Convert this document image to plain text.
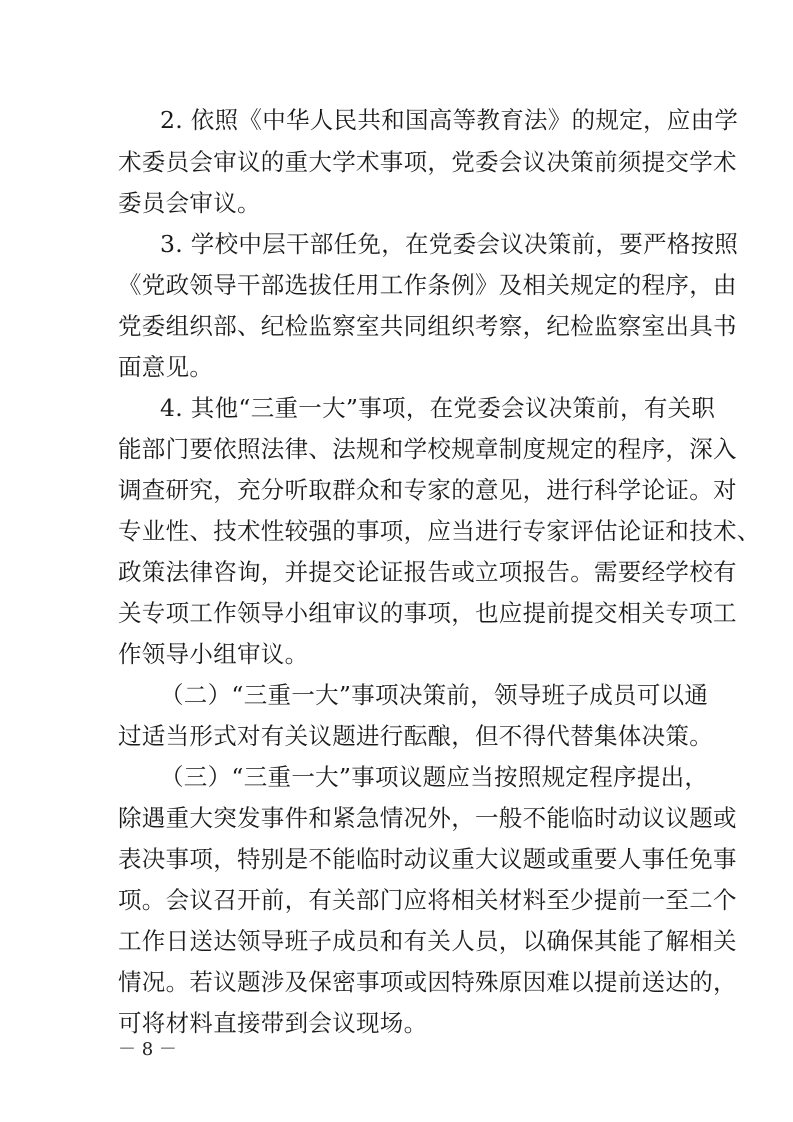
2. 依照《中华人民共和国高等教育法》的规定，应由学
术委员会审议的重大学术事项，党委会议决策前须提交学术
委员会审议。
3. 学校中层干部任免，在党委会议决策前，要严格按照
《党政领导干部选拔任用工作条例》及相关规定的程序，由
党委组织部、纪检监察室共同组织考察，纪检监察室出具书
面意见。
4. 其他“三重一大”事项，在党委会议决策前，有关职
能部门要依照法律、法规和学校规章制度规定的程序，深入
调查研究，充分听取群众和专家的意见，进行科学论证。对
专业性、技术性较强的事项，应当进行专家评估论证和技术、
政策法律咨询，并提交论证报告或立项报告。需要经学校有
关专项工作领导小组审议的事项，也应提前提交相关专项工
作领导小组审议。
（二）“三重一大”事项决策前，领导班子成员可以通
过适当形式对有关议题进行酝酿，但不得代替集体决策。
（三）“三重一大”事项议题应当按照规定程序提出，
除遇重大突发事件和紧急情况外，一般不能临时动议议题或
表决事项，特别是不能临时动议重大议题或重要人事任免事
项。会议召开前，有关部门应将相关材料至少提前一至二个
工作日送达领导班子成员和有关人员，以确保其能了解相关
情况。若议题涉及保密事项或因特殊原因难以提前送达的，
可将材料直接带到会议现场。
－ 8 －
